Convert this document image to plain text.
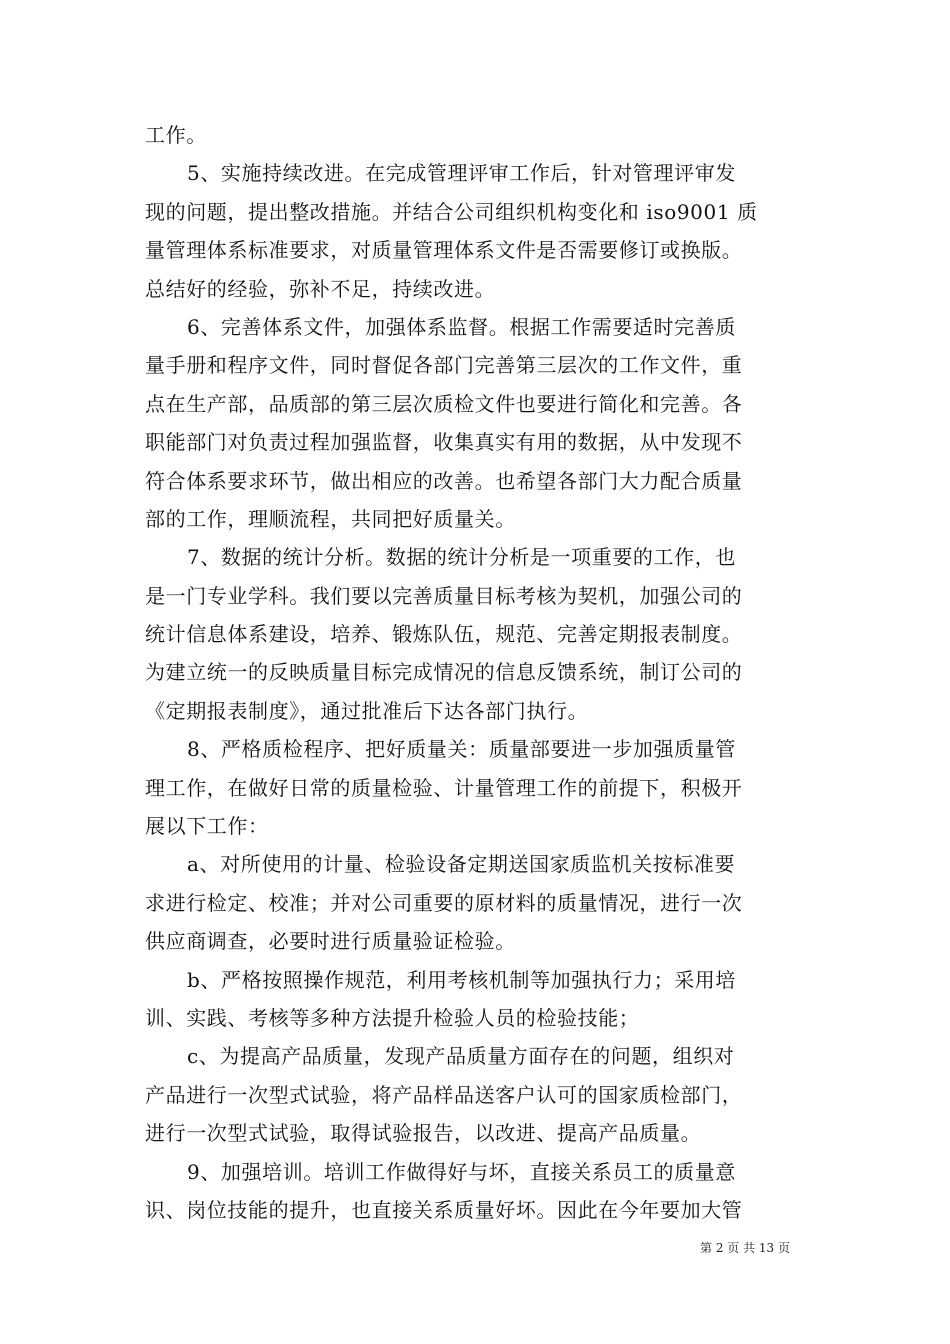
工作。
5、实施持续改进。在完成管理评审工作后，针对管理评审发
现的问题，提出整改措施。并结合公司组织机构变化和 iso9001 质
量管理体系标准要求，对质量管理体系文件是否需要修订或换版。
总结好的经验，弥补不足，持续改进。
6、完善体系文件，加强体系监督。根据工作需要适时完善质
量手册和程序文件，同时督促各部门完善第三层次的工作文件，重
点在生产部，品质部的第三层次质检文件也要进行简化和完善。各
职能部门对负责过程加强监督，收集真实有用的数据，从中发现不
符合体系要求环节，做出相应的改善。也希望各部门大力配合质量
部的工作，理顺流程，共同把好质量关。
7、数据的统计分析。数据的统计分析是一项重要的工作，也
是一门专业学科。我们要以完善质量目标考核为契机，加强公司的
统计信息体系建设，培养、锻炼队伍，规范、完善定期报表制度。
为建立统一的反映质量目标完成情况的信息反馈系统，制订公司的
《定期报表制度》，通过批准后下达各部门执行。
8、严格质检程序、把好质量关：质量部要进一步加强质量管
理工作，在做好日常的质量检验、计量管理工作的前提下，积极开
展以下工作：
a、对所使用的计量、检验设备定期送国家质监机关按标准要
求进行检定、校准；并对公司重要的原材料的质量情况，进行一次
供应商调查，必要时进行质量验证检验。
b、严格按照操作规范，利用考核机制等加强执行力；采用培
训、实践、考核等多种方法提升检验人员的检验技能；
c、为提高产品质量，发现产品质量方面存在的问题，组织对
产品进行一次型式试验，将产品样品送客户认可的国家质检部门，
进行一次型式试验，取得试验报告，以改进、提高产品质量。
9、加强培训。培训工作做得好与坏，直接关系员工的质量意
识、岗位技能的提升，也直接关系质量好坏。因此在今年要加大管
第 2 页 共 13 页
